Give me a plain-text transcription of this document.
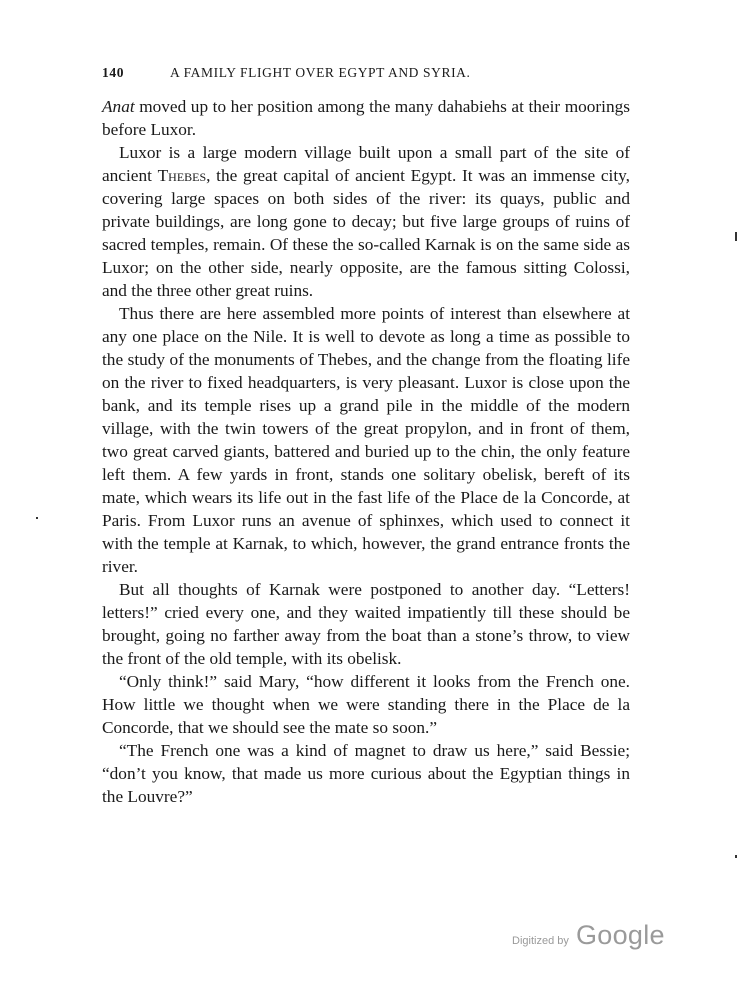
140	A FAMILY FLIGHT OVER EGYPT AND SYRIA.

Anat moved up to her position among the many dahabiehs at their moorings before Luxor.

Luxor is a large modern village built upon a small part of the site of ancient Thebes, the great capital of ancient Egypt. It was an immense city, covering large spaces on both sides of the river: its quays, public and private buildings, are long gone to decay; but five large groups of ruins of sacred temples, remain. Of these the so-called Karnak is on the same side as Luxor; on the other side, nearly opposite, are the famous sitting Colossi, and the three other great ruins.

Thus there are here assembled more points of interest than elsewhere at any one place on the Nile. It is well to devote as long a time as possible to the study of the monuments of Thebes, and the change from the floating life on the river to fixed headquarters, is very pleasant. Luxor is close upon the bank, and its temple rises up a grand pile in the middle of the modern village, with the twin towers of the great propylon, and in front of them, two great carved giants, battered and buried up to the chin, the only feature left them. A few yards in front, stands one solitary obelisk, bereft of its mate, which wears its life out in the fast life of the Place de la Concorde, at Paris. From Luxor runs an avenue of sphinxes, which used to connect it with the temple at Karnak, to which, however, the grand entrance fronts the river.

But all thoughts of Karnak were postponed to another day. “Letters! letters!” cried every one, and they waited impatiently till these should be brought, going no farther away from the boat than a stone’s throw, to view the front of the old temple, with its obelisk.

“Only think!” said Mary, “how different it looks from the French one. How little we thought when we were standing there in the Place de la Concorde, that we should see the mate so soon.”

“The French one was a kind of magnet to draw us here,” said Bessie; “don’t you know, that made us more curious about the Egyptian things in the Louvre?”

Digitized by Google
